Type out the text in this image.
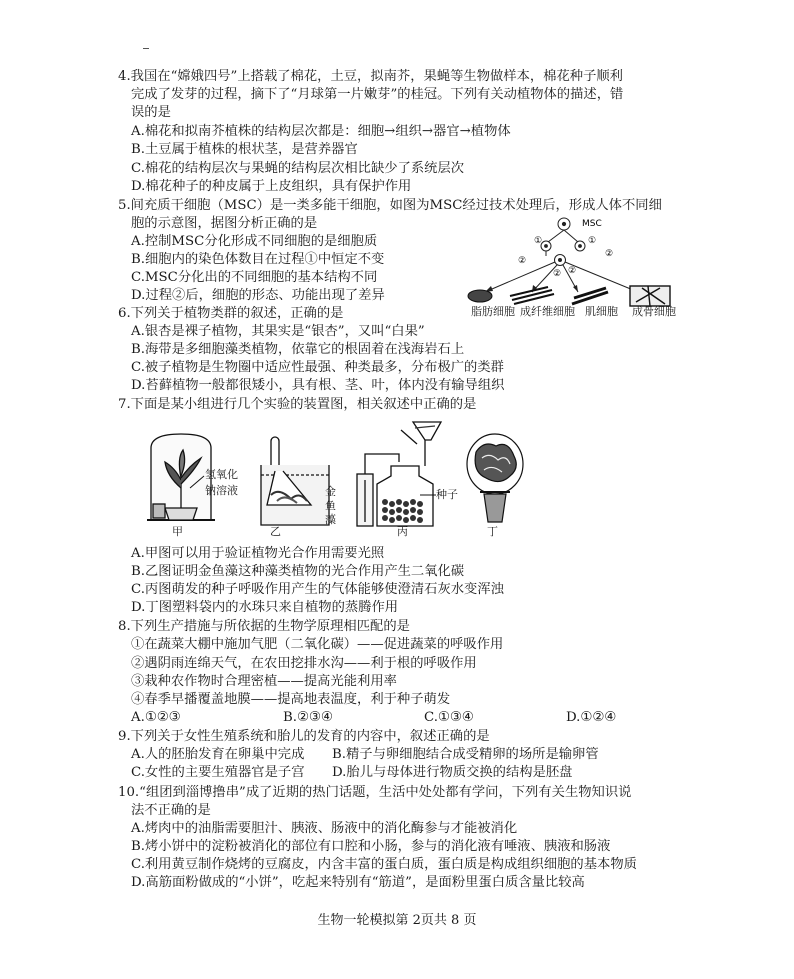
4.我国在“嫦娥四号”上搭载了棉花，土豆，拟南芥，果蝇等生物做样本，棉花种子顺利
完成了发芽的过程，摘下了“月球第一片嫩芽”的桂冠。下列有关动植物体的描述，错
误的是
A.棉花和拟南芥植株的结构层次都是：细胞→组织→器官→植物体
B.土豆属于植株的根状茎，是营养器官
C.棉花的结构层次与果蝇的结构层次相比缺少了系统层次
D.棉花种子的种皮属于上皮组织，具有保护作用
5.间充质干细胞（MSC）是一类多能干细胞，如图为MSC经过技术处理后，形成人体不同细
胞的示意图，据图分析正确的是
A.控制MSC分化形成不同细胞的是细胞质
B.细胞内的染色体数目在过程①中恒定不变
C.MSC分化出的不同细胞的基本结构不同
D.过程②后，细胞的形态、功能出现了差异
MSC
①	①
②
② ②
②
脂肪细胞 成纤维细胞 肌细胞 成骨细胞
6.下列关于植物类群的叙述，正确的是
A.银杏是裸子植物，其果实是“银杏”，又叫“白果”
B.海带是多细胞藻类植物，依靠它的根固着在浅海岩石上
C.被子植物是生物圈中适应性最强、种类最多，分布极广的类群
D.苔藓植物一般都很矮小，具有根、茎、叶，体内没有输导组织
7.下面是某小组进行几个实验的装置图，相关叙述中正确的是
氢氧化
钠溶液	金
鱼
藻
种子
甲	乙	丙	丁
A.甲图可以用于验证植物光合作用需要光照
B.乙图证明金鱼藻这种藻类植物的光合作用产生二氧化碳
C.丙图萌发的种子呼吸作用产生的气体能够使澄清石灰水变浑浊
D.丁图塑料袋内的水珠只来自植物的蒸腾作用
8.下列生产措施与所依据的生物学原理相匹配的是
①在蔬菜大棚中施加气肥（二氧化碳）——促进蔬菜的呼吸作用
②遇阴雨连绵天气，在农田挖排水沟——利于根的呼吸作用
③栽种农作物时合理密植——提高光能利用率
④春季早播覆盖地膜——提高地表温度，利于种子萌发
A.①②③	B.②③④	C.①③④	D.①②④
9.下列关于女性生殖系统和胎儿的发育的内容中，叙述正确的是
A.人的胚胎发育在卵巢中完成 B.精子与卵细胞结合成受精卵的场所是输卵管
C.女性的主要生殖器官是子宫 D.胎儿与母体进行物质交换的结构是胚盘
10.“组团到淄博撸串”成了近期的热门话题，生活中处处都有学问，下列有关生物知识说
法不正确的是
A.烤肉中的油脂需要胆汁、胰液、肠液中的消化酶参与才能被消化
B.烤小饼中的淀粉被消化的部位有口腔和小肠，参与的消化液有唾液、胰液和肠液
C.利用黄豆制作烧烤的豆腐皮，内含丰富的蛋白质，蛋白质是构成组织细胞的基本物质
D.高筋面粉做成的“小饼”，吃起来特别有“筋道”，是面粉里蛋白质含量比较高
生物一轮模拟第 2页共 8 页
